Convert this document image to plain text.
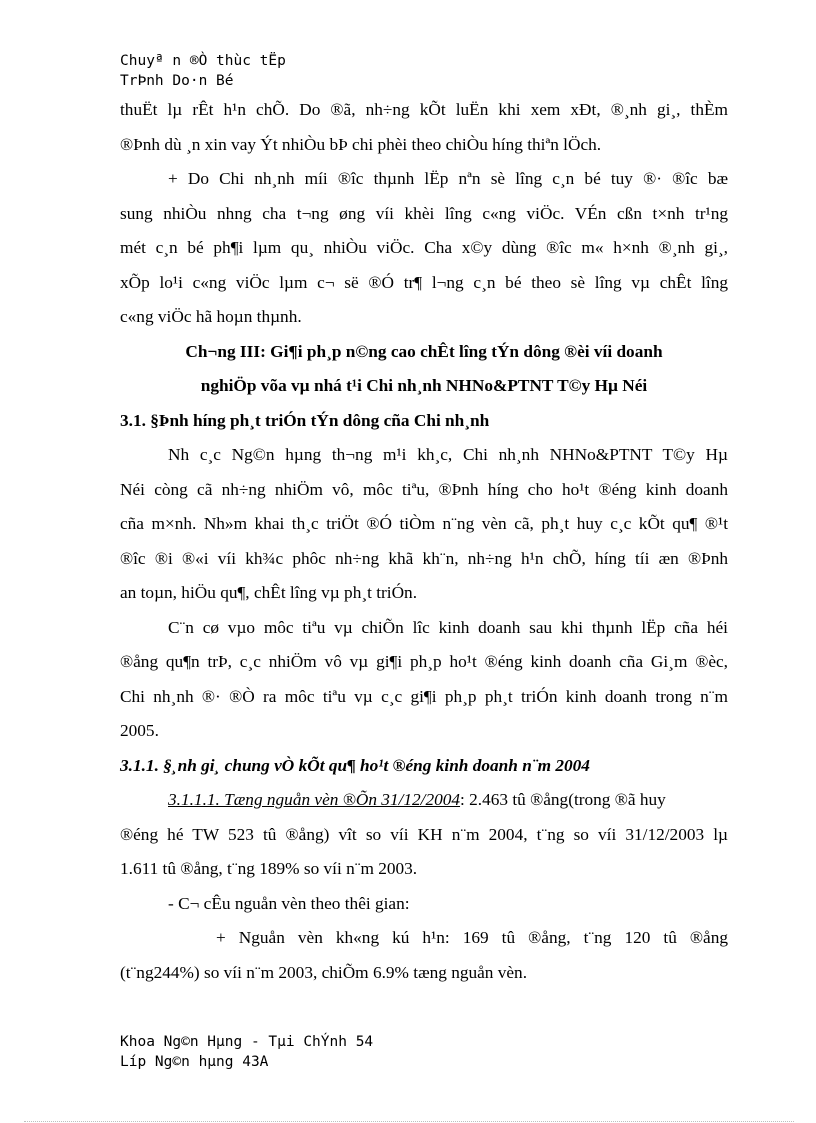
Chuyª n ®Ò thùc tËp
TrÞnh Do·n Bé
thuËt lµ rÊt h¹n chÕ. Do ®ã, nh÷ng kÕt luËn khi xem xÐt, ®¸nh gi¸, thÈm
®Þnh dù ¸n xin vay Ýt nhiÒu bÞ chi phèi theo chiÒu híng thiªn lÖch.
+ Do Chi nh¸nh míi ®îc thµnh lËp nªn sè lîng c¸n bé tuy ®· ®îc bæ
sung nhiÒu nhng cha t¬ng øng víi khèi lîng c«ng viÖc. VÉn cßn t×nh tr¹ng
mét c¸n bé ph¶i lµm qu¸ nhiÒu viÖc. Cha x©y dùng ®îc m« h×nh ®¸nh gi¸,
xÕp lo¹i c«ng viÖc lµm c¬ së ®Ó tr¶ l¬ng c¸n bé theo sè lîng vµ chÊt lîng
c«ng viÖc hã hoµn thµnh.
Ch¬ng III: Gi¶i ph¸p n©ng cao chÊt lîng tÝn dông ®èi víi doanh
nghiÖp võa vµ nhá t¹i Chi nh¸nh NHNo&PTNT T©y Hµ Néi
3.1. §Þnh híng ph¸t triÓn tÝn dông cña Chi nh¸nh
Nh c¸c Ng©n hµng th¬ng m¹i kh¸c, Chi nh¸nh NHNo&PTNT T©y Hµ
Néi còng cã nh÷ng nhiÖm vô, môc tiªu, ®Þnh híng cho ho¹t ®éng kinh doanh
cña m×nh. Nh»m khai th¸c triÖt ®Ó tiÒm n¨ng vèn cã, ph¸t huy c¸c kÕt qu¶ ®¹t
®îc ®i ®«i víi kh¾c phôc nh÷ng khã kh¨n, nh÷ng h¹n chÕ, híng tíi æn ®Þnh
an toµn, hiÖu qu¶, chÊt lîng vµ ph¸t triÓn.
C¨n cø vµo môc tiªu vµ chiÕn lîc kinh doanh sau khi thµnh lËp cña héi
®ång qu¶n trÞ, c¸c nhiÖm vô vµ gi¶i ph¸p ho¹t ®éng kinh doanh cña Gi¸m ®èc,
Chi nh¸nh ®· ®Ò ra môc tiªu vµ c¸c gi¶i ph¸p ph¸t triÓn kinh doanh trong n¨m
2005.
3.1.1. §¸nh gi¸ chung vÒ kÕt qu¶ ho¹t ®éng kinh doanh n¨m 2004
3.1.1.1. Tæng nguån vèn ®Õn 31/12/2004: 2.463 tû ®ång(trong ®ã huy
®éng hé TW 523 tû ®ång) vît so víi KH n¨m 2004, t¨ng so víi 31/12/2003 lµ
1.611 tû ®ång, t¨ng 189% so víi n¨m 2003.
- C¬ cÊu nguån vèn theo thêi gian:
+ Nguån vèn kh«ng kú h¹n: 169 tû ®ång, t¨ng 120 tû ®ång
(t¨ng244%) so víi n¨m 2003, chiÕm 6.9% tæng nguån vèn.
Khoa Ng©n Hµng - Tµi ChÝnh 54
Líp Ng©n hµng 43A
